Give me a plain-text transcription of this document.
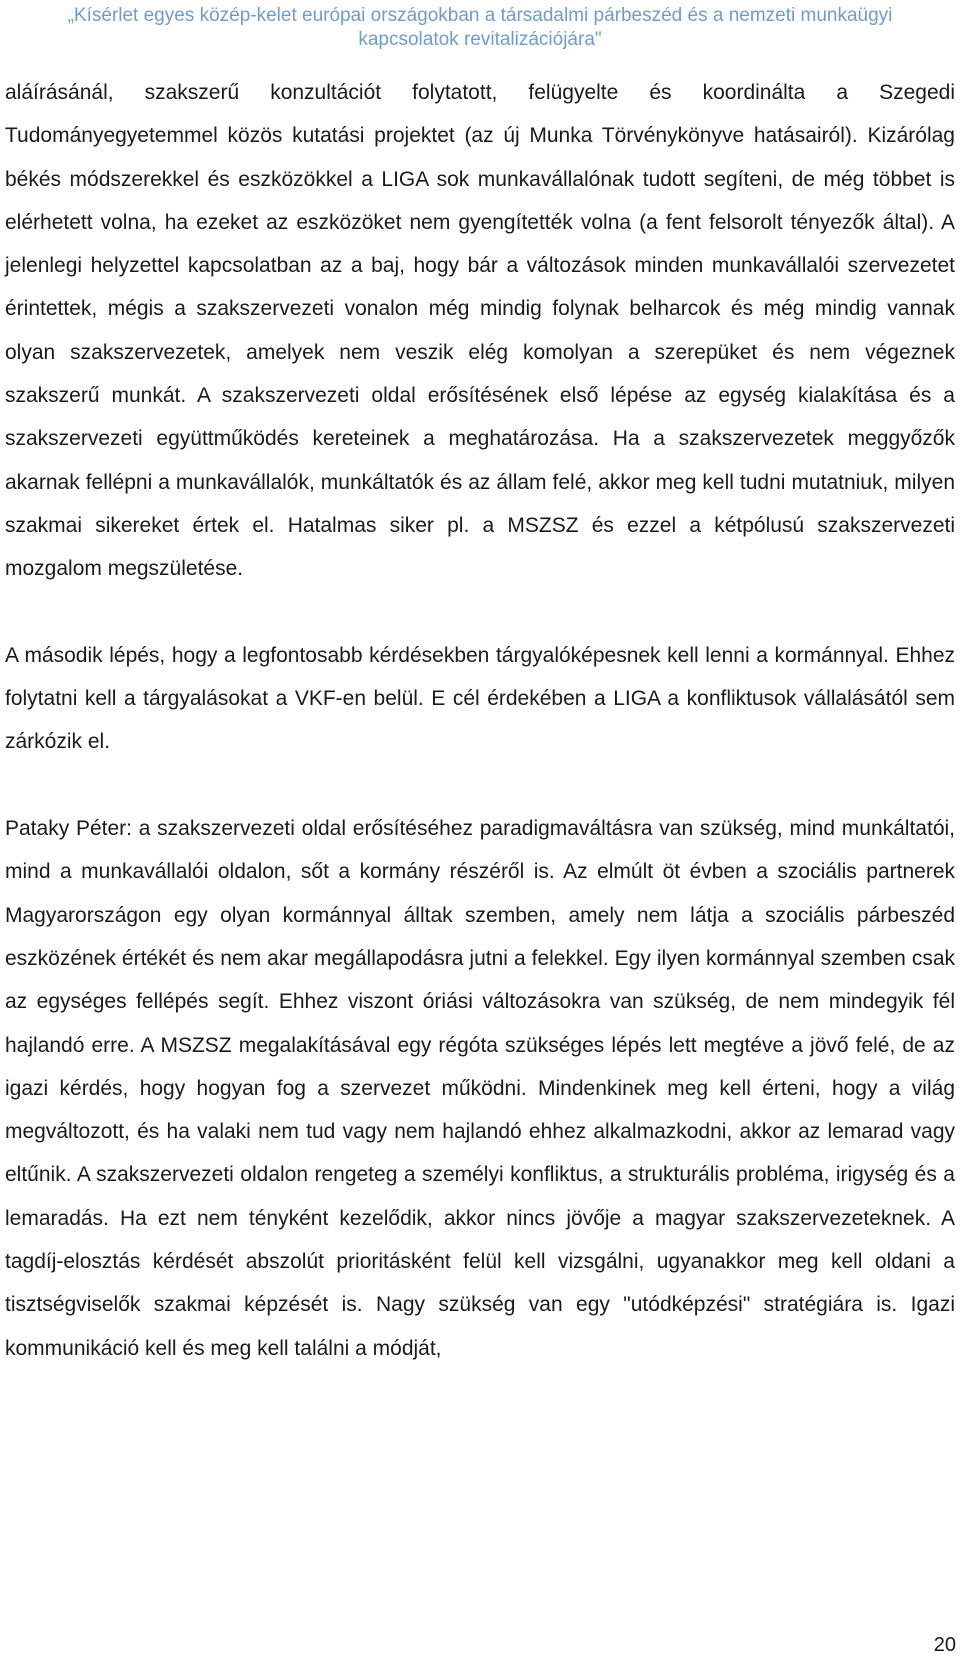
„Kísérlet egyes közép-kelet európai országokban a társadalmi párbeszéd és a nemzeti munkaügyi
kapcsolatok revitalizációjára"

aláírásánál, szakszerű konzultációt folytatott, felügyelte és koordinálta a Szegedi Tudományegyetemmel közös kutatási projektet (az új Munka Törvénykönyve hatásairól). Kizárólag békés módszerekkel és eszközökkel a LIGA sok munkavállalónak tudott segíteni, de még többet is elérhetett volna, ha ezeket az eszközöket nem gyengítették volna (a fent felsorolt tényezők által). A jelenlegi helyzettel kapcsolatban az a baj, hogy bár a változások minden munkavállalói szervezetet érintettek, mégis a szakszervezeti vonalon még mindig folynak belharcok és még mindig vannak olyan szakszervezetek, amelyek nem veszik elég komolyan a szerepüket és nem végeznek szakszerű munkát. A szakszervezeti oldal erősítésének első lépése az egység kialakítása és a szakszervezeti együttműködés kereteinek a meghatározása. Ha a szakszervezetek meggyőzők akarnak fellépni a munkavállalók, munkáltatók és az állam felé, akkor meg kell tudni mutatniuk, milyen szakmai sikereket értek el. Hatalmas siker pl. a MSZSZ és ezzel a kétpólusú szakszervezeti mozgalom megszületése.

A második lépés, hogy a legfontosabb kérdésekben tárgyalóképesnek kell lenni a kormánnyal. Ehhez folytatni kell a tárgyalásokat a VKF-en belül. E cél érdekében a LIGA a konfliktusok vállalásától sem zárkózik el.

Pataky Péter: a szakszervezeti oldal erősítéséhez paradigmaváltásra van szükség, mind munkáltatói, mind a munkavállalói oldalon, sőt a kormány részéről is. Az elmúlt öt évben a szociális partnerek Magyarországon egy olyan kormánnyal álltak szemben, amely nem látja a szociális párbeszéd eszközének értékét és nem akar megállapodásra jutni a felekkel. Egy ilyen kormánnyal szemben csak az egységes fellépés segít. Ehhez viszont óriási változásokra van szükség, de nem mindegyik fél hajlandó erre. A MSZSZ megalakításával egy régóta szükséges lépés lett megtéve a jövő felé, de az igazi kérdés, hogy hogyan fog a szervezet működni. Mindenkinek meg kell érteni, hogy a világ megváltozott, és ha valaki nem tud vagy nem hajlandó ehhez alkalmazkodni, akkor az lemarad vagy eltűnik. A szakszervezeti oldalon rengeteg a személyi konfliktus, a strukturális probléma, irigység és a lemaradás. Ha ezt nem tényként kezelődik, akkor nincs jövője a magyar szakszervezeteknek. A tagdíj-elosztás kérdését abszolút prioritásként felül kell vizsgálni, ugyanakkor meg kell oldani a tisztségviselők szakmai képzését is. Nagy szükség van egy "utódképzési" stratégiára is. Igazi kommunikáció kell és meg kell találni a módját,

20
